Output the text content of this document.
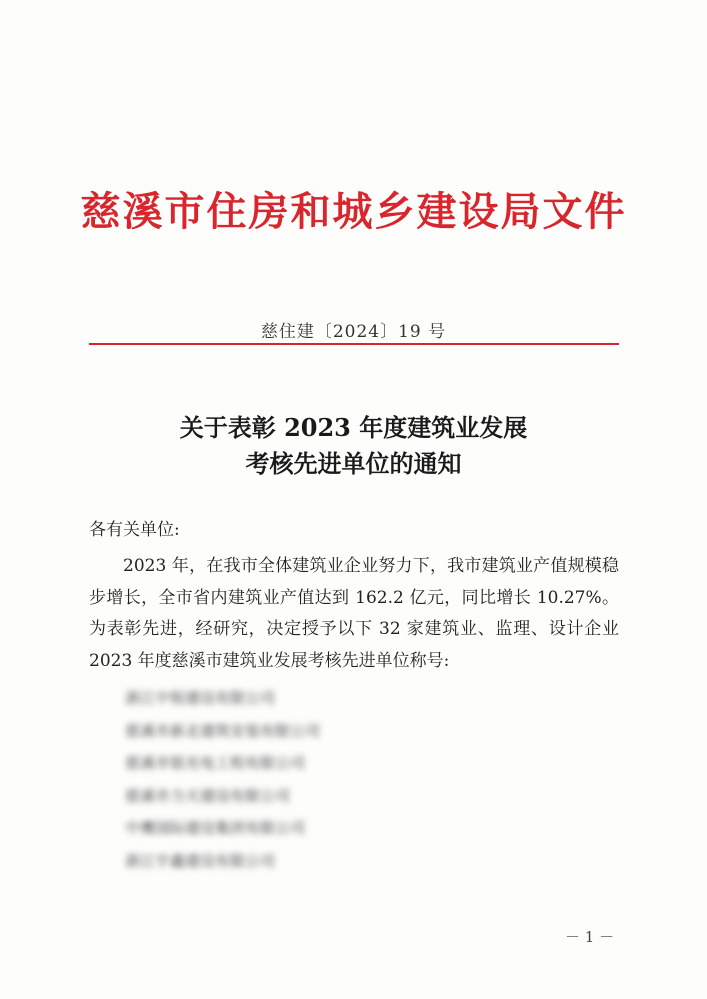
慈溪市住房和城乡建设局文件
慈住建〔2024〕19 号
关于表彰 2023 年度建筑业发展
考核先进单位的通知
各有关单位:

2023 年，在我市全体建筑业企业努力下，我市建筑业产值规模稳步增长，全市省内建筑业产值达到 162.2 亿元，同比增长 10.27%。为表彰先进，经研究，决定授予以下 32 家建筑业、监理、设计企业 2023 年度慈溪市建筑业发展考核先进单位称号:

浙江中锐建设有限公司
慈溪市新北建筑安装有限公司
慈溪市银光电工程有限公司
慈溪市力天建设有限公司
中鹰国际建设集团有限公司
浙江宇鑫建设有限公司
－ 1 －
